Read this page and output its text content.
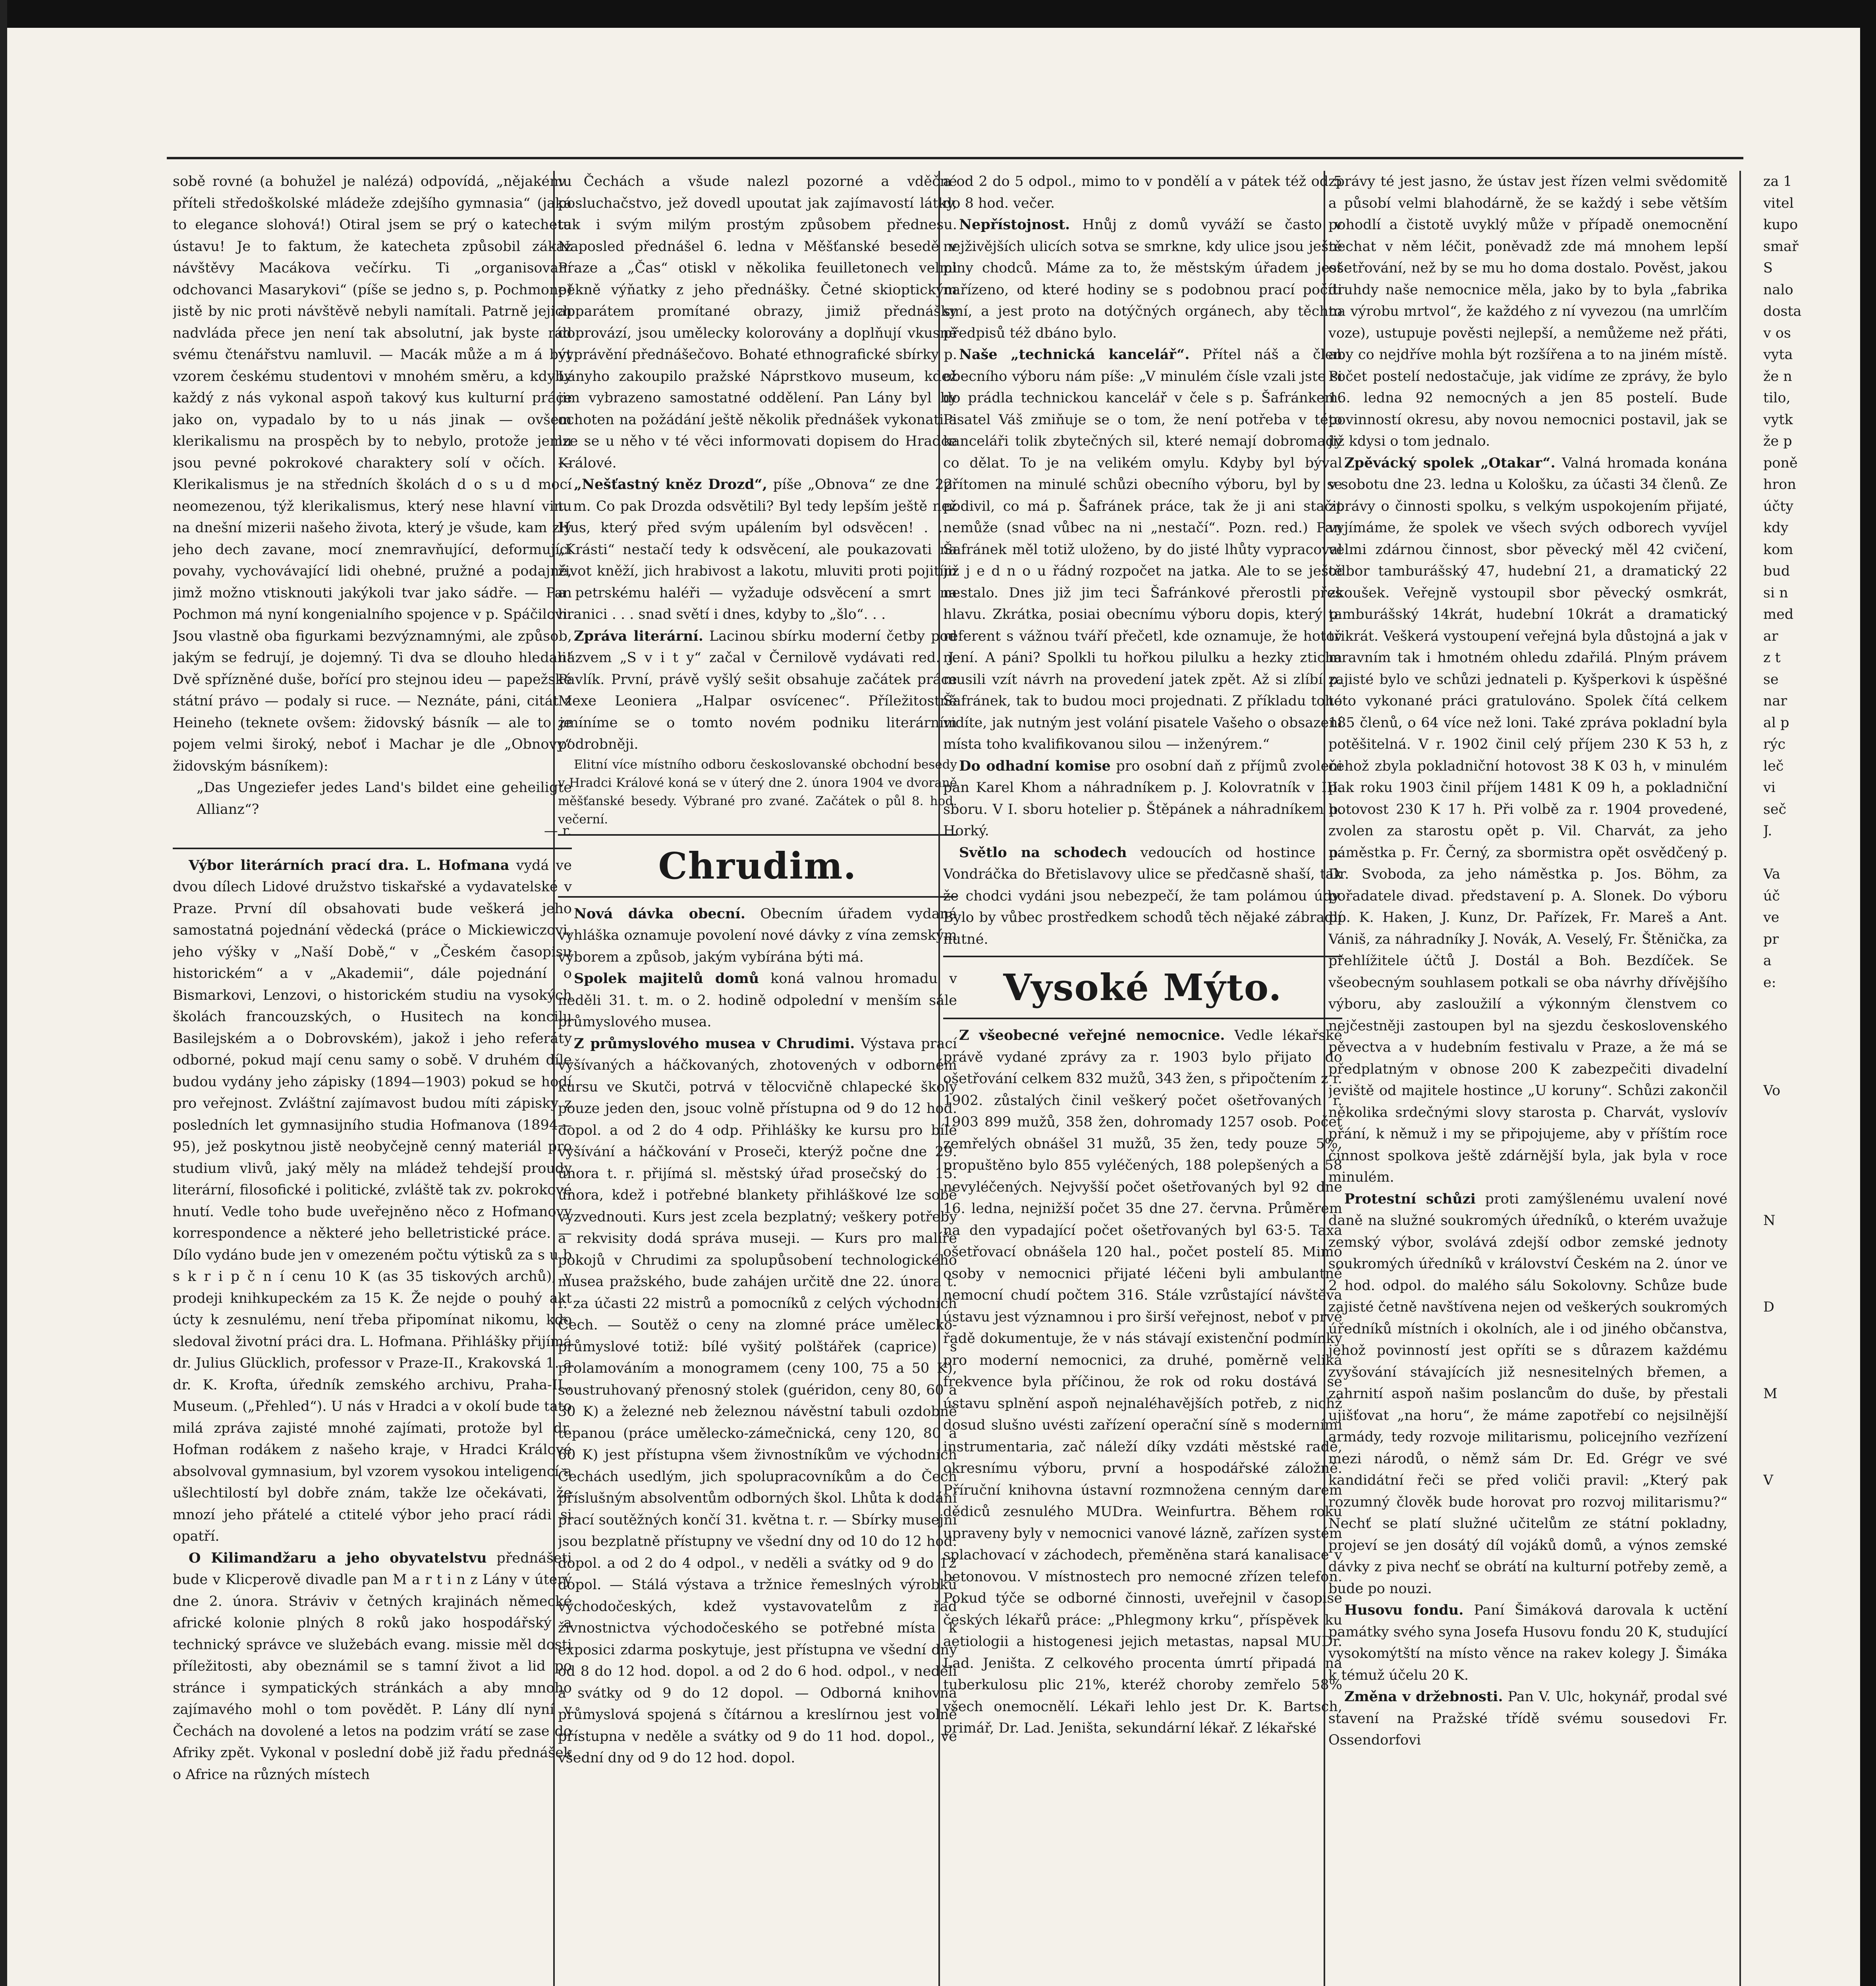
sobě rovné (a bohužel je nalézá) odpovídá, „nějakému příteli středoškolské mládeže zdejšího gymnasia“ (jaká to elegance slohová!) Otiral jsem se prý o katechetu ústavu! Je to faktum, že katecheta způsobil zákaz návštěvy Macákova večírku. Ti „organisovaní odchovanci Masarykovi“ (píše se jedno s, p. Pochmone) jistě by nic proti návštěvě nebyli namítali. Patrně jejich nadvláda přece jen není tak absolutní, jak byste rád svému čtenářstvu namluvil. — Macák může a m á být vzorem českému studentovi v mnohém směru, a kdyby každý z nás vykonal aspoň takový kus kulturní práce jako on, vypadalo by to u nás jinak — ovšem klerikalismu na prospěch by to nebylo, protože jemu jsou pevné pokrokové charaktery solí v očích. — Klerikalismus je na středních školách d o s u d mocí neomezenou, týž klerikalismus, který nese hlavní vinu na dnešní mizerii našeho života, který je všude, kam zlý jeho dech zavane, mocí znemravňující, deformující povahy, vychovávající lidi ohebné, pružné a podajné, jimž možno vtisknouti jakýkoli tvar jako sádře. — Pan Pochmon má nyní kongenialního spojence v p. Spáčilovi. Jsou vlastně oba figurkami bezvýznamnými, ale způsob, jakým se fedrují, je dojemný. Ti dva se dlouho hledali! Dvě spřízněné duše, bořící pro stejnou ideu — papežské státní právo — podaly si ruce. — Neznáte, páni, citát z Heineho (teknete ovšem: židovský básník — ale to je pojem velmi široký, neboť i Machar je dle „Obnovy“ židovským básníkem):

„Das Ungeziefer jedes Land's bildet eine geheiligte Allianz“?

— r.

Výbor literárních prací dra. L. Hofmana vydá ve dvou dílech Lidové družstvo tiskařské a vydavatelské v Praze. První díl obsahovati bude veškerá jeho samostatná pojednání vědecká (práce o Mickiewiczovi, jeho výšky v „Naší Době,“ v „Českém časopisu historickém“ a v „Akademii“, dále pojednání o Bismarkovi, Lenzovi, o historickém studiu na vysokých školách francouzských, o Husitech na koncilu Basilejském a o Dobrovském), jakož i jeho referáty odborné, pokud mají cenu samy o sobě. V druhém díle budou vydány jeho zápisky (1894—1903) pokud se hodí pro veřejnost. Zvláštní zajímavost budou míti zápisky z posledních let gymnasijního studia Hofmanova (1894—95), jež poskytnou jistě neobyčejně cenný materiál pro studium vlivů, jaký měly na mládež tehdejší proudy literární, filosofické i politické, zvláště tak zv. pokrokové hnutí. Vedle toho bude uveřejněno něco z Hofmanovy korrespondence a některé jeho belletristické práce. — Dílo vydáno bude jen v omezeném počtu výtisků za s u b s k r i p č n í cenu 10 K (as 35 tiskových archů), v prodeji knihkupeckém za 15 K. Že nejde o pouhý akt úcty k zesnulému, není třeba připomínat nikomu, kdo sledoval životní práci dra. L. Hofmana. Přihlášky přijímá dr. Julius Glücklich, professor v Praze-II., Krakovská 1. a dr. K. Krofta, úředník zemského archivu, Praha-II., Museum. („Přehled“). U nás v Hradci a v okolí bude tato milá zpráva zajisté mnohé zajímati, protože byl dr. Hofman rodákem z našeho kraje, v Hradci Králové absolvoval gymnasium, byl vzorem vysokou inteligencí a ušlechtilostí byl dobře znám, takže lze očekávati, že mnozí jeho přátelé a ctitelé výbor jeho prací rádi si opatří.

O Kilimandžaru a jeho obyvatelstvu přednášeti bude v Klicperově divadle pan M a r t i n z Lány v úterý dne 2. února. Stráviv v četných krajinách německé africké kolonie plných 8 roků jako hospodářský a technický správce ve služebách evang. missie měl dosti příležitosti, aby obeznámil se s tamní život a lid po stránce i sympatických stránkách a aby mnoho zajímavého mohl o tom povědět. P. Lány dlí nyní v Čechách na dovolené a letos na podzim vrátí se zase do Afriky zpět. Vykonal v poslední době již řadu přednášek o Africe na různých místech

v Čechách a všude nalezl pozorné a vděčné posluchačstvo, jež dovedl upoutat jak zajímavostí látky, tak i svým milým prostým způsobem přednesu. Naposled přednášel 6. ledna v Měšťanské besedě v Praze a „Čas“ otiskl v několika feuilletonech velmi pěkně výňatky z jeho přednášky. Četné skioptickým apparátem promítané obrazy, jimiž přednášky doprovází, jsou umělecky kolorovány a doplňují vkusně vyprávění přednášečovo. Bohaté ethnografické sbírky p. Lányho zakoupilo pražské Náprstkovo museum, kdež jim vybrazeno samostatné oddělení. Pan Lány byl by ochoten na požádání ještě několik přednášek vykonati a lze se u něho v té věci informovati dopisem do Hradce Králové.

„Nešťastný kněz Drozd“, píše „Obnova“ ze dne 22. t. m. Co pak Drozda odsvětili? Byl tedy lepším ještě než Hus, který před svým upálením byl odsvěcen! . . . „Krásti“ nestačí tedy k odsvěcení, ale poukazovati na život kněží, jich hrabivost a lakotu, mluviti proti pojitím a petrskému haléři — vyžaduje odsvěcení a smrt na hranici . . . snad světí i dnes, kdyby to „šlo“. . .

Zpráva literární. Lacinou sbírku moderní četby pod názvem „S v i t y“ začal v Černilově vydávati red. J. Pavlík. První, právě vyšlý sešit obsahuje začátek práce Mexe Leoniera „Halpar osvícenec“. Příležitostně zmíníme se o tomto novém podniku literárním podrobněji.

Elitní více místního odboru českoslovanské obchodní besedy v Hradci Králové koná se v úterý dne 2. února 1904 ve dvoraně měšťanské besedy. Výbrané pro zvané. Začátek o půl 8. hod. večerní.

Chrudim.

Nová dávka obecní. Obecním úřadem vydaná vyhláška oznamuje povolení nové dávky z vína zemským výborem a způsob, jakým vybírána býti má.

Spolek majitelů domů koná valnou hromadu v neděli 31. t. m. o 2. hodině odpolední v menším sále průmyslového musea.

Z průmyslového musea v Chrudimi. Výstava prací vyšívaných a háčkovaných, zhotovených v odborném kursu ve Skutči, potrvá v tělocvičně chlapecké školy pouze jeden den, jsouc volně přístupna od 9 do 12 hod. dopol. a od 2 do 4 odp. Přihlášky ke kursu pro bílé vyšívání a háčkování v Proseči, kterýž počne dne 29. února t. r. přijímá sl. městský úřad prosečský do 15. února, kdež i potřebné blankety přihláškové lze sobě vyzvednouti. Kurs jest zcela bezplatný; veškery potřeby a rekvisity dodá správa museji. — Kurs pro malíře pokojů v Chrudimi za spolupůsobení technologického musea pražského, bude zahájen určitě dne 22. února t. r. za účasti 22 mistrů a pomocníků z celých východních Čech. — Soutěž o ceny na zlomné práce umělecko-průmyslové totiž: bílé vyšitý polštářek (caprice) s prolamováním a monogramem (ceny 100, 75 a 50 K), soustruhovaný přenosný stolek (guéridon, ceny 80, 60 a 30 K) a železné neb železnou návěstní tabuli ozdobně tepanou (práce umělecko-zámečnická, ceny 120, 80 a 60 K) jest přístupna všem živnostníkům ve východních Čechách usedlým, jich spolupracovníkům a do Čech příslušným absolventům odborných škol. Lhůta k dodání prací soutěžných končí 31. května t. r. — Sbírky musejní jsou bezplatně přístupny ve všední dny od 10 do 12 hod. dopol. a od 2 do 4 odpol., v neděli a svátky od 9 do 12 dopol. — Stálá výstava a tržnice řemeslných výrobků východočeských, kdež vystavovatelům z řad živnostnictva východočeského se potřebné místa k exposici zdarma poskytuje, jest přístupna ve všední dny od 8 do 12 hod. dopol. a od 2 do 6 hod. odpol., v neděli a svátky od 9 do 12 dopol. — Odborná knihovna průmyslová spojená s čítárnou a kreslírnou jest volně přístupna v neděle a svátky od 9 do 11 hod. dopol., ve všední dny od 9 do 12 hod. dopol.

a od 2 do 5 odpol., mimo to v pondělí a v pátek též od 5 do 8 hod. večer.

Nepřístojnost. Hnůj z domů vyváží se často v nejživějších ulicích sotva se smrkne, kdy ulice jsou ještě plny chodců. Máme za to, že městským úřadem jest nařízeno, od které hodiny se s podobnou prací počíti smí, a jest proto na dotýčných orgánech, aby těchto předpisů též dbáno bylo.

Naše „technická kancelář“. Přítel náš a člen obecního výboru nám píše: „V minulém čísle vzali jste si do prádla technickou kancelář v čele s p. Šafránkem. Pisatel Váš zmiňuje se o tom, že není potřeba v této kanceláři tolik zbytečných sil, které nemají dobromady co dělat. To je na velikém omylu. Kdyby byl býval přítomen na minulé schůzi obecního výboru, byl by se podivil, co má p. Šafránek práce, tak že ji ani stačit nemůže (snad vůbec na ni „nestačí“. Pozn. red.) Pan Šafránek měl totiž uloženo, by do jisté lhůty vypracoval již j e d n o u řádný rozpočet na jatka. Ale to se ještě nestalo. Dnes již jim teci Šafránkové přerostli přes hlavu. Zkrátka, posiai obecnímu výboru dopis, který p. referent s vážnou tváří přečetl, kde oznamuje, že hotov není. A páni? Spolkli tu hořkou pilulku a hezky zticha musili vzít návrh na provedení jatek zpět. Až si zlíbí p. Šafránek, tak to budou moci projednati. Z příkladu toho vidíte, jak nutným jest volání pisatele Vašeho o obsazení místa toho kvalifikovanou silou — inženýrem.“

Do odhadní komise pro osobní daň z příjmů zvoleni pan Karel Khom a náhradníkem p. J. Kolovratník v III. sboru. V I. sboru hotelier p. Štěpánek a náhradníkem p. Horký.

Světlo na schodech vedoucích od hostince p. Vondráčka do Břetislavovy ulice se předčasně shaší, tak že chodci vydáni jsou nebezpečí, že tam polámou údy. Bylo by vůbec prostředkem schodů těch nějaké zábradlí nutné.

Vysoké Mýto.

Z všeobecné veřejné nemocnice. Vedle lékařské právě vydané zprávy za r. 1903 bylo přijato do ošetřování celkem 832 mužů, 343 žen, s připočtením z r. 1902. zůstalých činil veškerý počet ošetřovaných r. 1903 899 mužů, 358 žen, dohromady 1257 osob. Počet zemřelých obnášel 31 mužů, 35 žen, tedy pouze 5%, propuštěno bylo 855 vyléčených, 188 polepšených a 58 nevyléčených. Nejvyšší počet ošetřovaných byl 92 dne 16. ledna, nejnižší počet 35 dne 27. června. Průměrem na den vypadající počet ošetřovaných byl 63·5. Taxa ošetřovací obnášela 120 hal., počet postelí 85. Mimo osoby v nemocnici přijaté léčeni byli ambulantně nemocní chudí počtem 316. Stále vzrůstající návštěva ústavu jest významnou i pro širší veřejnost, neboť v prvé řadě dokumentuje, že v nás stávají existenční podmínky pro moderní nemocnici, za druhé, poměrně veliká frekvence byla příčinou, že rok od roku dostává se ústavu splnění aspoň nejnaléhavějších potřeb, z nichž dosud slušno uvésti zařízení operační síně s moderními instrumentaria, zač náleží díky vzdáti městské radě, okresnímu výboru, první a hospodářské záložně. Příruční knihovna ústavní rozmnožena cenným darem dědiců zesnulého MUDra. Weinfurtra. Během roku upraveny byly v nemocnici vanové lázně, zařízen systém splachovací v záchodech, přeměněna stará kanalisace v betonovou. V místnostech pro nemocné zřízen telefon. Pokud týče se odborné činnosti, uveřejnil v časopise českých lékařů práce: „Phlegmony krku“, příspěvek ku aetiologii a histogenesi jejich metastas, napsal MUDr. Lad. Jeništa. Z celkového procenta úmrtí připadá na tuberkulosu plic 21%, kteréž choroby zemřelo 58% všech onemocnělí. Lékaři lehlo jest Dr. K. Bartsch, primář, Dr. Lad. Jeništa, sekundární lékař. Z lékařské

zprávy té jest jasno, že ústav jest řízen velmi svědomitě a působí velmi blahodárně, že se každý i sebe větším pohodlí a čistotě uvyklý může v případě onemocnění nechat v něm léčit, poněvadž zde má mnohem lepší ošetřování, než by se mu ho doma dostalo. Pověst, jakou druhdy naše nemocnice měla, jako by to byla „fabrika na výrobu mrtvol“, že každého z ní vyvezou (na umrlčím voze), ustupuje pověsti nejlepší, a nemůžeme než přáti, aby co nejdříve mohla být rozšířena a to na jiném místě. Počet postelí nedostačuje, jak vidíme ze zprávy, že bylo 16. ledna 92 nemocných a jen 85 postelí. Bude povinností okresu, aby novou nemocnici postavil, jak se již kdysi o tom jednalo.

Zpěvácký spolek „Otakar“. Valná hromada konána v sobotu dne 23. ledna u Kološku, za účasti 34 členů. Ze zprávy o činnosti spolku, s velkým uspokojením přijaté, vyjímáme, že spolek ve všech svých odborech vyvíjel velmi zdárnou činnost, sbor pěvecký měl 42 cvičení, odbor tamburášský 47, hudební 21, a dramatický 22 zkoušek. Veřejně vystoupil sbor pěvecký osmkrát, tamburášský 14krát, hudební 10krát a dramatický třikrát. Veškerá vystoupení veřejná byla důstojná a jak v mravním tak i hmotném ohledu zdařilá. Plným právem zajisté bylo ve schůzi jednateli p. Kyšperkovi k úspěšné této vykonané práci gratulováno. Spolek čítá celkem 185 členů, o 64 více než loni. Také zpráva pokladní byla potěšitelná. V r. 1902 činil celý příjem 230 K 53 h, z čehož zbyla pokladniční hotovost 38 K 03 h, v minulém pak roku 1903 činil příjem 1481 K 09 h, a pokladniční hotovost 230 K 17 h. Při volbě za r. 1904 provedené, zvolen za starostu opět p. Vil. Charvát, za jeho náměstka p. Fr. Černý, za sbormistra opět osvědčený p. Dr. Svoboda, za jeho náměstka p. Jos. Böhm, za pořadatele divad. představení p. A. Slonek. Do výboru pp. K. Haken, J. Kunz, Dr. Pařízek, Fr. Mareš a Ant. Vániš, za náhradníky J. Novák, A. Veselý, Fr. Štěnička, za přehlížitele účtů J. Dostál a Boh. Bezdíček. Se všeobecným souhlasem potkali se oba návrhy dřívějšího výboru, aby zasloužilí a výkonným členstvem co nejčestněji zastoupen byl na sjezdu československého pěvectva a v hudebním festivalu v Praze, a že má se předplatným v obnose 200 K zabezpečiti divadelní jeviště od majitele hostince „U koruny“. Schůzi zakončil několika srdečnými slovy starosta p. Charvát, vyslovív přání, k němuž i my se připojujeme, aby v příštím roce činnost spolkova ještě zdárnější byla, jak byla v roce minulém.

Protestní schůzi proti zamýšlenému uvalení nové daně na služné soukromých úředníků, o kterém uvažuje zemský výbor, svolává zdejší odbor zemské jednoty soukromých úředníků v království Českém na 2. únor ve 2 hod. odpol. do malého sálu Sokolovny. Schůze bude zajisté četně navštívena nejen od veškerých soukromých úředníků místních i okolních, ale i od jiného občanstva, jehož povinností jest opříti se s důrazem každému zvyšování stávajících již nesnesitelných břemen, a zahrnití aspoň našim poslancům do duše, by přestali ujišťovat „na horu“, že máme zapotřebí co nejsilnější armády, tedy rozvoje militarismu, policejního vezřízení mezi národů, o němž sám Dr. Ed. Grégr ve své kandidátní řeči se před voliči pravil: „Který pak rozumný člověk bude horovat pro rozvoj militarismu?“ Nechť se platí služné učitelům ze státní pokladny, projeví se jen dosátý díl vojáků domů, a výnos zemské dávky z piva nechť se obrátí na kulturní potřeby země, a bude po nouzi.

Husovu fondu. Paní Šimáková darovala k uctění památky svého syna Josefa Husovu fondu 20 K, studující vysokomýtští na místo věnce na rakev kolegy J. Šimáka k témuž účelu 20 K.

Změna v držebnosti. Pan V. Ulc, hokynář, prodal své stavení na Pražské třídě svému sousedovi Fr. Ossendorfovi

za 1
vitel
kupo
smař
S
nalo
dosta
v os
vyta
že n
tilo,
vytk
že p
poně
hron
účty
kdy
kom
bud
si n
med
ar
z t
se
nar
al p
rýc
leč
vi
seč
J.
Va
úč
ve
pr
a
e:
Vo
N
D
M
V
